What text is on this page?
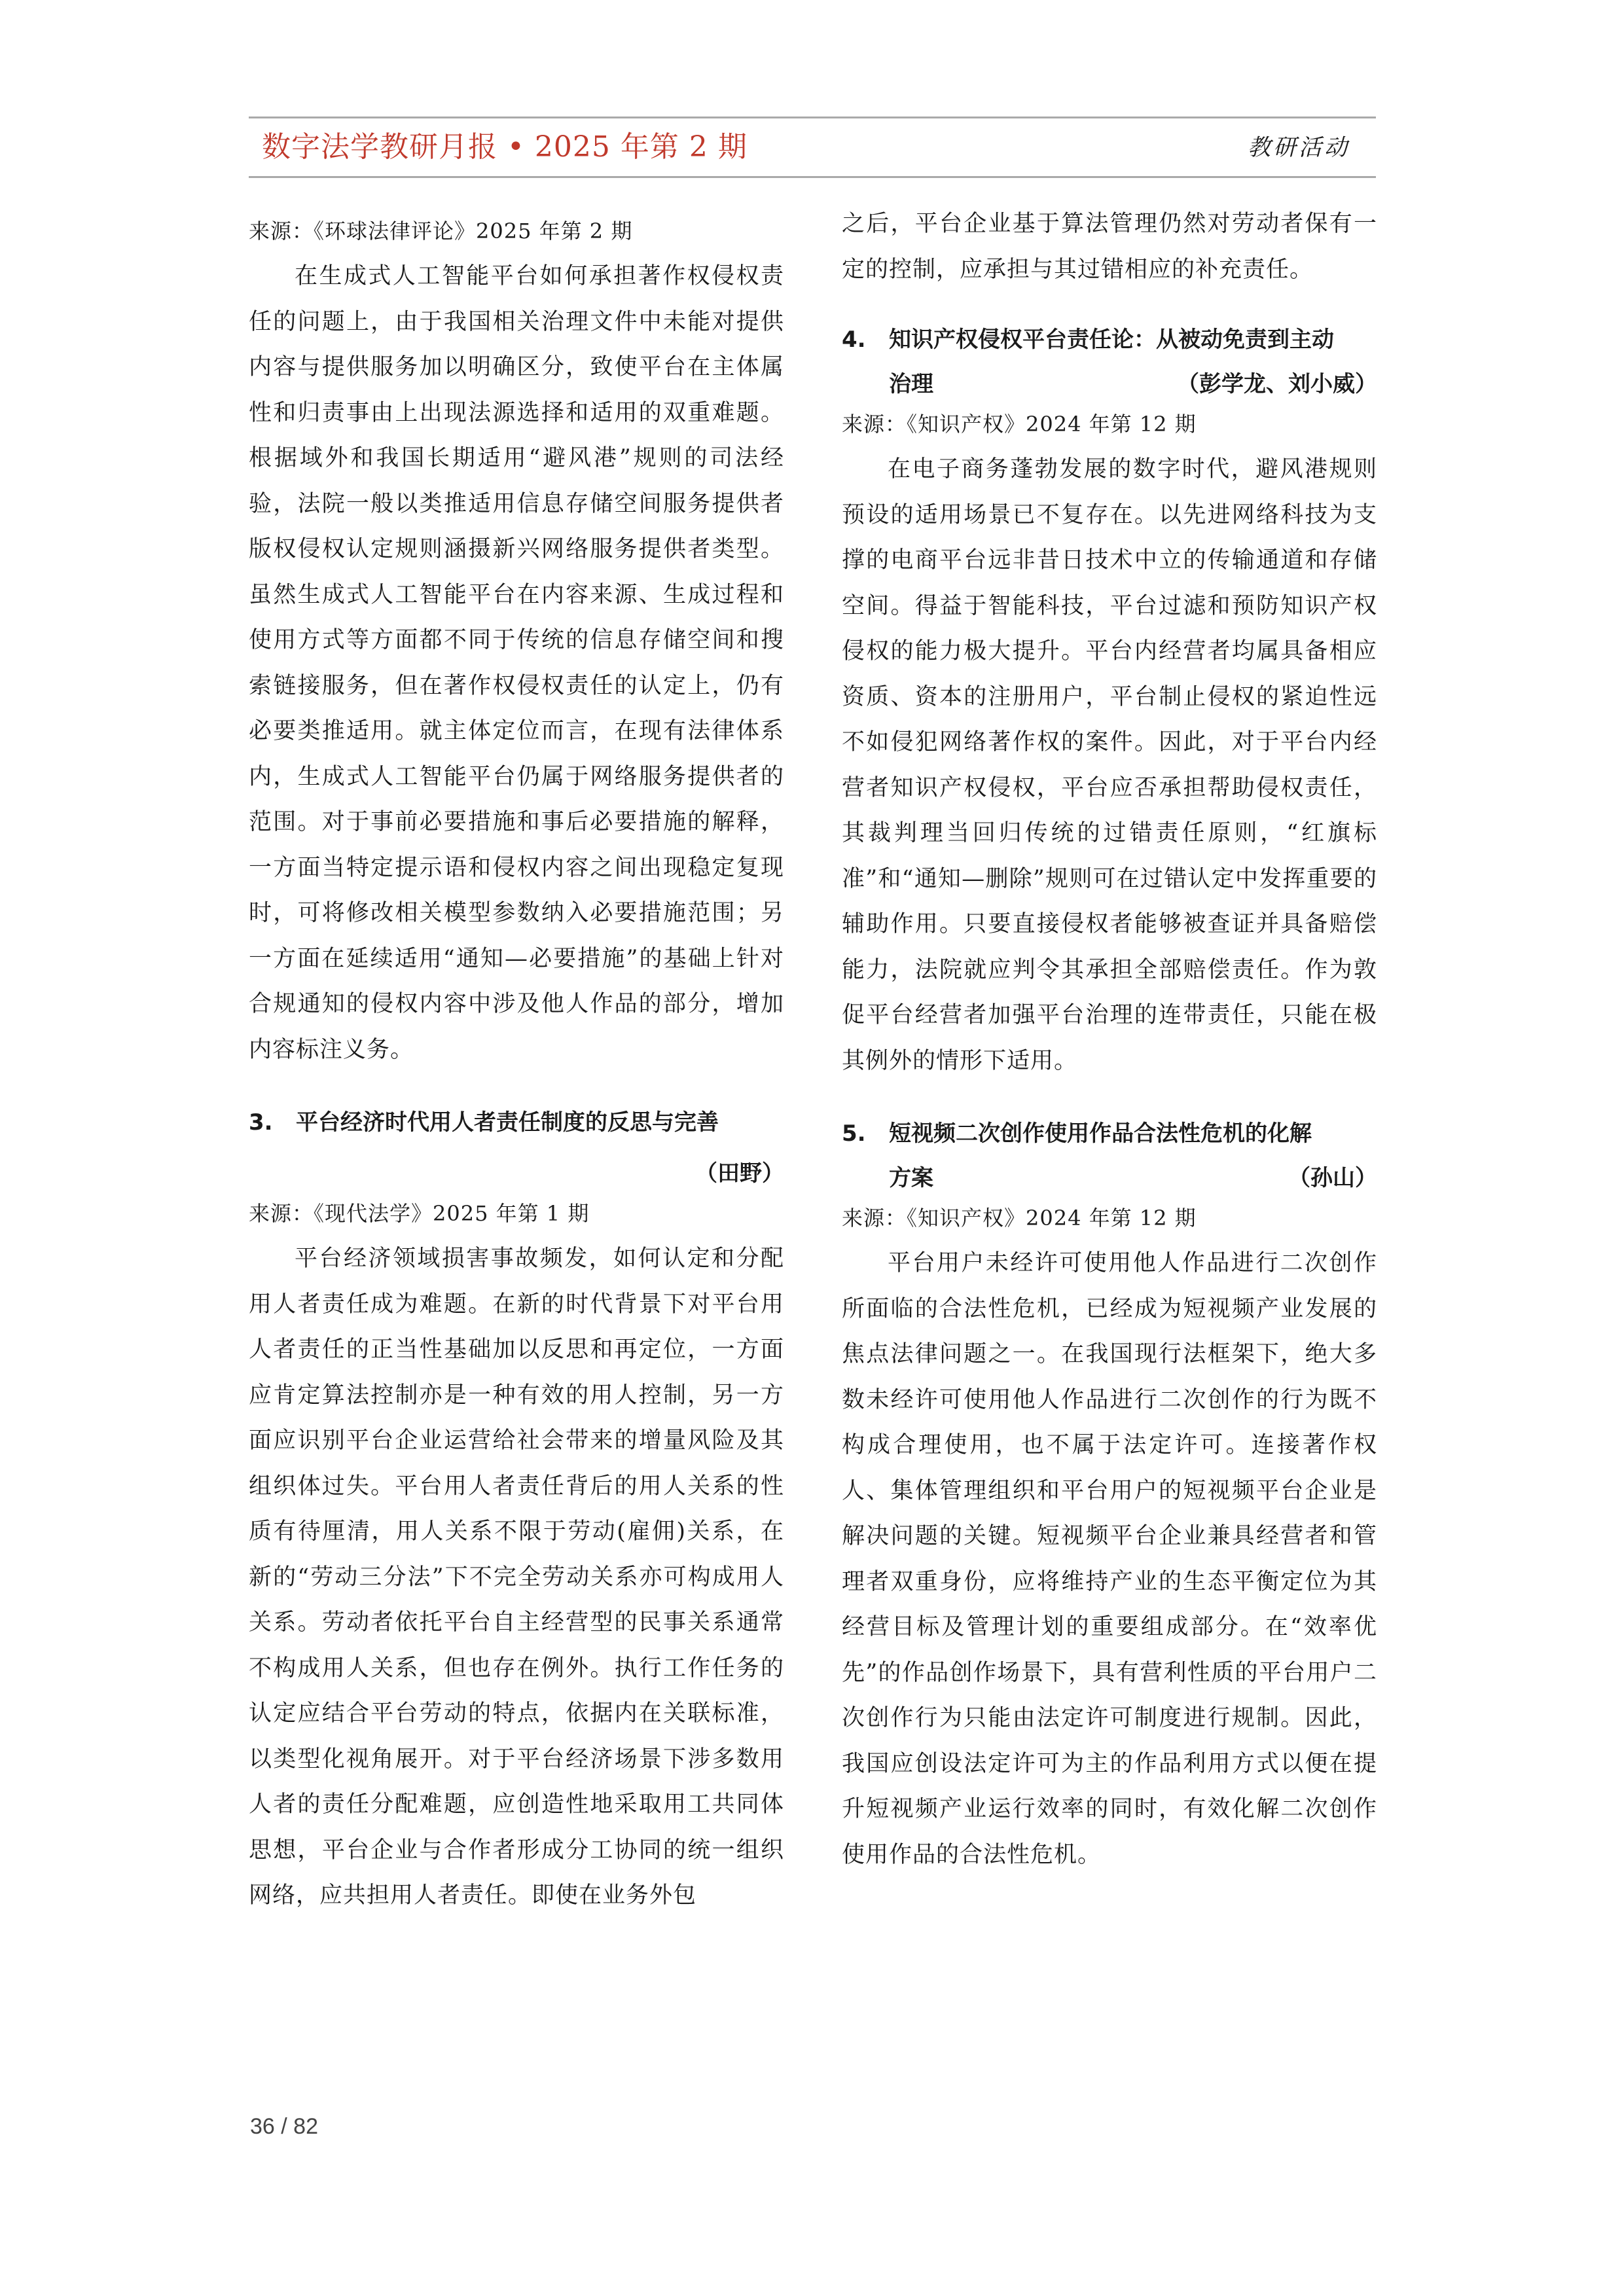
数字法学教研月报 • 2025 年第 2 期	教研活动

来源：《环球法律评论》2025 年第 2 期

在生成式人工智能平台如何承担著作权侵权责任的问题上，由于我国相关治理文件中未能对提供内容与提供服务加以明确区分，致使平台在主体属性和归责事由上出现法源选择和适用的双重难题。根据域外和我国长期适用“避风港”规则的司法经验，法院一般以类推适用信息存储空间服务提供者版权侵权认定规则涵摄新兴网络服务提供者类型。虽然生成式人工智能平台在内容来源、生成过程和使用方式等方面都不同于传统的信息存储空间和搜索链接服务，但在著作权侵权责任的认定上，仍有必要类推适用。就主体定位而言，在现有法律体系内，生成式人工智能平台仍属于网络服务提供者的范围。对于事前必要措施和事后必要措施的解释，一方面当特定提示语和侵权内容之间出现稳定复现时，可将修改相关模型参数纳入必要措施范围；另一方面在延续适用“通知—必要措施”的基础上针对合规通知的侵权内容中涉及他人作品的部分，增加内容标注义务。

3.	平台经济时代用人者责任制度的反思与完善

（田野）

来源：《现代法学》2025 年第 1 期

平台经济领域损害事故频发，如何认定和分配用人者责任成为难题。在新的时代背景下对平台用人者责任的正当性基础加以反思和再定位，一方面应肯定算法控制亦是一种有效的用人控制，另一方面应识别平台企业运营给社会带来的增量风险及其组织体过失。平台用人者责任背后的用人关系的性质有待厘清，用人关系不限于劳动(雇佣)关系，在新的“劳动三分法”下不完全劳动关系亦可构成用人关系。劳动者依托平台自主经营型的民事关系通常不构成用人关系，但也存在例外。执行工作任务的认定应结合平台劳动的特点，依据内在关联标准，以类型化视角展开。对于平台经济场景下涉多数用人者的责任分配难题，应创造性地采取用工共同体思想，平台企业与合作者形成分工协同的统一组织网络，应共担用人者责任。即使在业务外包

之后，平台企业基于算法管理仍然对劳动者保有一定的控制，应承担与其过错相应的补充责任。

4.	知识产权侵权平台责任论：从被动免责到主动
治理	（彭学龙、刘小威）

来源：《知识产权》2024 年第 12 期

在电子商务蓬勃发展的数字时代，避风港规则预设的适用场景已不复存在。以先进网络科技为支撑的电商平台远非昔日技术中立的传输通道和存储空间。得益于智能科技，平台过滤和预防知识产权侵权的能力极大提升。平台内经营者均属具备相应资质、资本的注册用户，平台制止侵权的紧迫性远不如侵犯网络著作权的案件。因此，对于平台内经营者知识产权侵权，平台应否承担帮助侵权责任，其裁判理当回归传统的过错责任原则，“红旗标准”和“通知—删除”规则可在过错认定中发挥重要的辅助作用。只要直接侵权者能够被查证并具备赔偿能力，法院就应判令其承担全部赔偿责任。作为敦促平台经营者加强平台治理的连带责任，只能在极其例外的情形下适用。

5.	短视频二次创作使用作品合法性危机的化解
方案	（孙山）

来源：《知识产权》2024 年第 12 期

平台用户未经许可使用他人作品进行二次创作所面临的合法性危机，已经成为短视频产业发展的焦点法律问题之一。在我国现行法框架下，绝大多数未经许可使用他人作品进行二次创作的行为既不构成合理使用，也不属于法定许可。连接著作权人、集体管理组织和平台用户的短视频平台企业是解决问题的关键。短视频平台企业兼具经营者和管理者双重身份，应将维持产业的生态平衡定位为其经营目标及管理计划的重要组成部分。在“效率优先”的作品创作场景下，具有营利性质的平台用户二次创作行为只能由法定许可制度进行规制。因此，我国应创设法定许可为主的作品利用方式以便在提升短视频产业运行效率的同时，有效化解二次创作使用作品的合法性危机。

36 / 82
